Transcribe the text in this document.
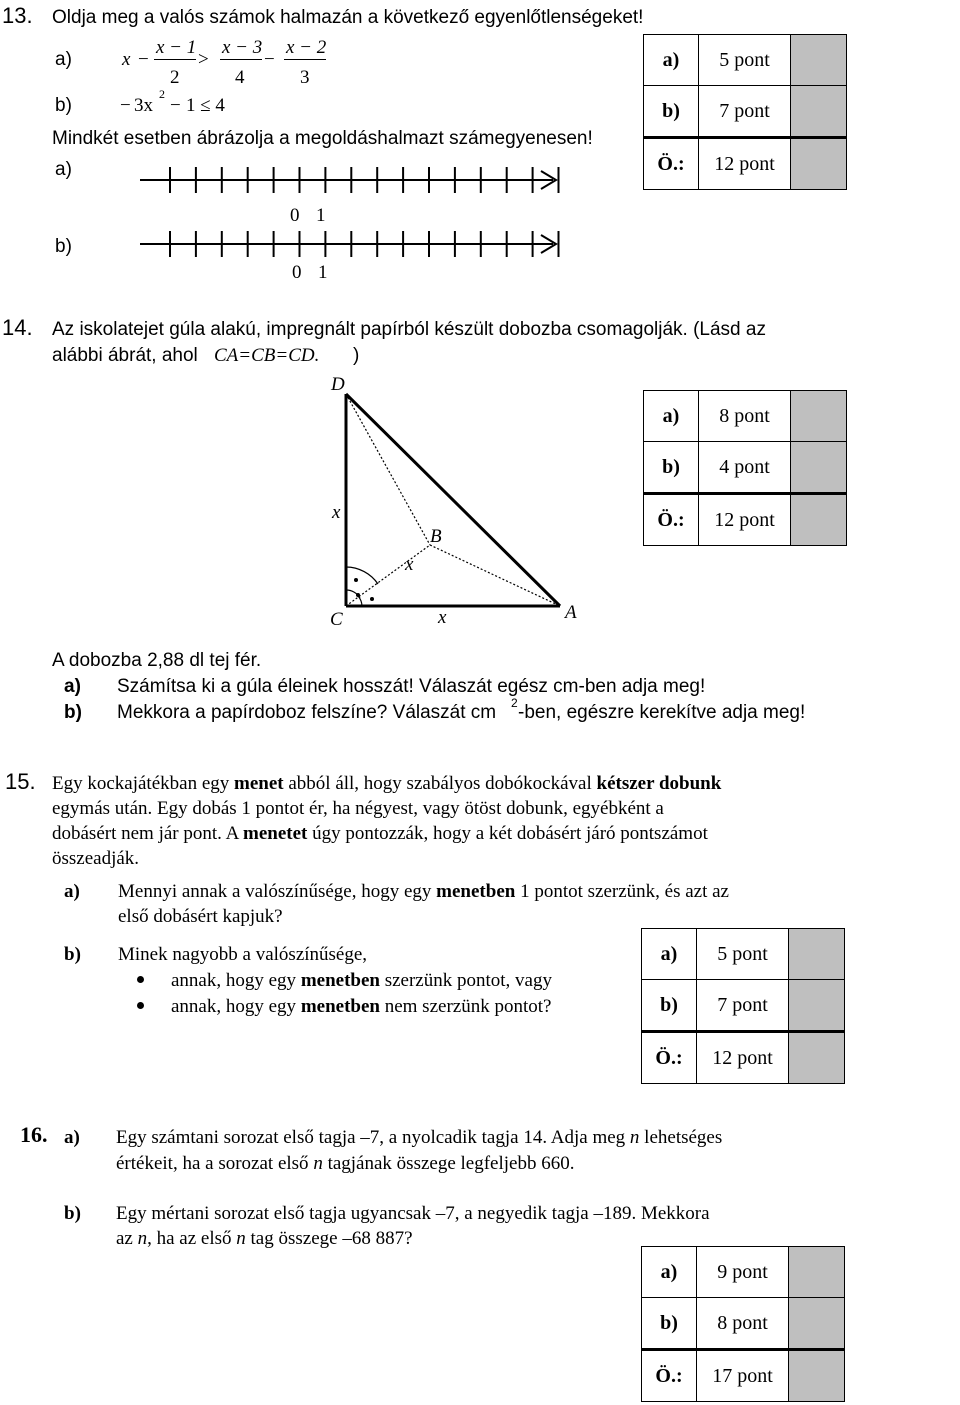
13. Oldja meg a valós számok halmazán a következő egyenlőtlenségeket!
a)	x −
x − 1
2
>
x − 3
4
−
x − 2
3
b)	− 3x
2
− 1 ≤ 4
Mindkét esetben ábrázolja a megoldáshalmazt számegyenesen!
a)
b)
0 1
0 1
a)	5 pont	
b)	7 pont	
Ö.:	12 pont	
14. Az iskolatejet gúla alakú, impregnált papírból készült dobozba csomagolják. (Lásd az
alábbi ábrát, ahol CA=CB=CD. )
D
B
C	A
x
x
x
a)	8 pont	
b)	4 pont	
Ö.:	12 pont	
A dobozba 2,88 dl tej fér.
a) Számítsa ki a gúla éleinek hosszát! Válaszát egész cm-ben adja meg!
b) Mekkora a papírdoboz felszíne? Válaszát cm 2 -ben, egészre kerekítve adja meg!
15. Egy kockajátékban egy menet abból áll, hogy szabályos dobókockával kétszer dobunk
egymás után. Egy dobás 1 pontot ér, ha négyest, vagy ötöst dobunk, egyébként a
dobásért nem jár pont. A menetet úgy pontozzák, hogy a két dobásért járó pontszámot
összeadják.
a) Mennyi annak a valószínűsége, hogy egy menetben 1 pontot szerzünk, és azt az
első dobásért kapjuk?
b) Minek nagyobb a valószínűsége,
annak, hogy egy menetben szerzünk pontot, vagy
annak, hogy egy menetben nem szerzünk pontot?
a)	5 pont	
b)	7 pont	
Ö.:	12 pont	
16. a) Egy számtani sorozat első tagja –7, a nyolcadik tagja 14. Adja meg n lehetséges
értékeit, ha a sorozat első n tagjának összege legfeljebb 660.
b) Egy mértani sorozat első tagja ugyancsak –7, a negyedik tagja –189. Mekkora
az n, ha az első n tag összege –68 887?
a)	9 pont	
b)	8 pont	
Ö.:	17 pont	
